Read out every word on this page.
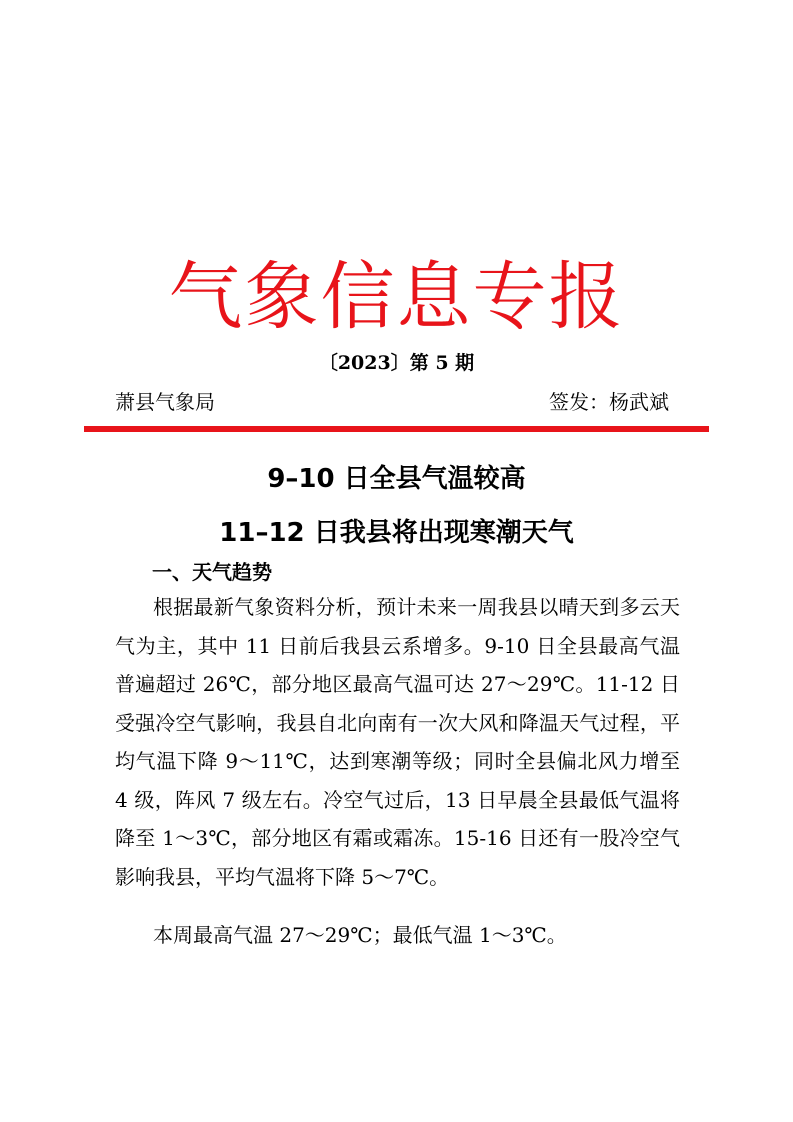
气象信息专报
〔2023〕第 5 期
萧县气象局	签发：杨武斌
9–10 日全县气温较高
11–12 日我县将出现寒潮天气
一、天气趋势
根据最新气象资料分析，预计未来一周我县以晴天到多云天气为主，其中 11 日前后我县云系增多。9-10 日全县最高气温普遍超过 26℃，部分地区最高气温可达 27～29℃。11-12 日受强冷空气影响，我县自北向南有一次大风和降温天气过程，平均气温下降 9～11℃，达到寒潮等级；同时全县偏北风力增至 4 级，阵风 7 级左右。冷空气过后，13 日早晨全县最低气温将降至 1～3℃，部分地区有霜或霜冻。15-16 日还有一股冷空气影响我县，平均气温将下降 5～7℃。
本周最高气温 27～29℃；最低气温 1～3℃。
